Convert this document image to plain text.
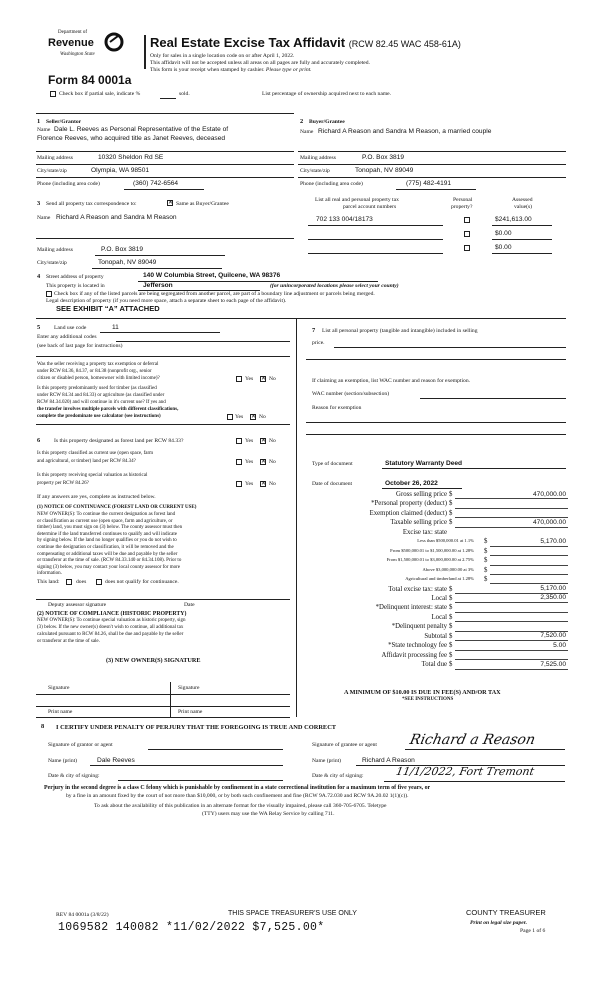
Department of
Revenue
Washington State
Real Estate Excise Tax Affidavit (RCW 82.45 WAC 458-61A)
Only for sales in a single location code on or after April 1, 2022.
This affidavit will not be accepted unless all areas on all pages are fully and accurately completed.
This form is your receipt when stamped by cashier. Please type or print.
Form 84 0001a
Check box if partial sale, indicate %	sold.	List percentage of ownership acquired next to each name.
1 Seller/Grantor
Name Dale L. Reeves as Personal Representative of the Estate of
Florence Reeves, who acquired title as Janet Reeves, deceased
Mailing address	10320 Sheldon Rd SE
City/state/zip	Olympia, WA 98501
Phone (including area code)	(360) 742-6564
2 Buyer/Grantee
Name Richard A Reason and Sandra M Reason, a married couple
Mailing address	P.O. Box 3819
City/state/zip	Tonopah, NV 89049
Phone (including area code)	(775) 482-4191
3 Send all property tax correspondence to:	✕ Same as Buyer/Grantee
Name Richard A Reason and Sandra M Reason
Mailing address	P.O. Box 3819
City/state/zip	Tonopah, NV 89049
List all real and personal property tax
parcel account numbers
Personal
property?
Assessed
value(s)
702 133 004/18173	$241,613.00
$0.00
$0.00
4 Street address of property	140 W Columbia Street, Quilcene, WA 98376
This property is located in	Jefferson	(for unincorporated locations please select your county)
Check box if any of the listed parcels are being segregated from another parcel, are part of a boundary line adjustment or parcels being merged.
Legal description of property (if you need more space, attach a separate sheet to each page of the affidavit).
SEE EXHIBIT “A” ATTACHED
5 Land use code	11
Enter any additional codes
(see back of last page for instructions)
Was the seller receiving a property tax exemption or deferral
under RCW 84.36, 84.37, or 84.38 (nonprofit org., senior
citizen or disabled person, homeowner with limited income)?	Yes ✕ No
Is this property predominantly used for timber (as classified
under RCW 84.34 and 84.33) or agriculture (as classified under
RCW 84.34.020) and will continue in it's current use? If yes and
the transfer involves multiple parcels with different classifications,
complete the predominate use calculator (see instructions)	Yes ✕ No
6 Is this property designated as forest land per RCW 84.33?	Yes ✕ No
Is this property classified as current use (open space, farm
and agricultural, or timber) land per RCW 84.34?	Yes ✕ No
Is this property receiving special valuation as historical
property per RCW 84.26?	Yes ✕ No
If any answers are yes, complete as instructed below.
(1) NOTICE OF CONTINUANCE (FOREST LAND OR CURRENT USE)
NEW OWNER(S): To continue the current designation as forest land
or classification as current use (open space, farm and agriculture, or
timber) land, you must sign on (3) below. The county assessor must then
determine if the land transferred continues to qualify and will indicate
by signing below. If the land no longer qualifies or you do not wish to
continue the designation or classification, it will be removed and the
compensating or additional taxes will be due and payable by the seller
or transferor at the time of sale. (RCW 84.33.140 or 84.34.108). Prior to
signing (3) below, you may contact your local county assessor for more
information.
This land:	does	does not qualify for continuance.
Deputy assessor signature	Date
(2) NOTICE OF COMPLIANCE (HISTORIC PROPERTY)
NEW OWNER(S): To continue special valuation as historic property, sign
(3) below. If the new owner(s) doesn't wish to continue, all additional tax
calculated pursuant to RCW 84.26, shall be due and payable by the seller
or transferor at the time of sale.
(3) NEW OWNER(S) SIGNATURE
Signature	Signature
Print name	Print name
7 List all personal property (tangible and intangible) included in selling
price.
If claiming an exemption, list WAC number and reason for exemption.
WAC number (section/subsection)
Reason for exemption
Type of document	Statutory Warranty Deed
Date of document	October 26, 2022
Gross selling price $	470,000.00
*Personal property (deduct) $
Exemption claimed (deduct) $
Taxable selling price $	470,000.00
Excise tax: state
Less than $500,000.01 at 1.1% $	5,170.00
From $500,000.01 to $1,500,000.00 at 1.28% $
From $1,500,000.01 to $3,000,000.00 at 2.75% $
Above $3,000,000.00 at 3% $
Agricultural and timberland at 1.28% $
Total excise tax: state $	5,170.00
Local $	2,350.00
*Delinquent interest: state $
Local $
*Delinquent penalty $
Subtotal $	7,520.00
*State technology fee $	5.00
Affidavit processing fee $
Total due $	7,525.00
A MINIMUM OF $10.00 IS DUE IN FEE(S) AND/OR TAX
*SEE INSTRUCTIONS
8 I CERTIFY UNDER PENALTY OF PERJURY THAT THE FOREGOING IS TRUE AND CORRECT
Signature of grantor or agent
Name (print)	Dale Reeves
Date & city of signing:
Signature of grantee or agent Richard a Reason
Name (print)	Richard A Reason
Date & city of signing:	11/1/2022, Fort Tremont
Perjury in the second degree is a class C felony which is punishable by confinement in a state correctional institution for a maximum term of five years, or
by a fine in an amount fixed by the court of not more than $10,000, or by both such confinement and fine (RCW 9A.72.030 and RCW 9A.20.02 1(1)(c)).
To ask about the availability of this publication in an alternate format for the visually impaired, please call 360-705-6705. Teletype
(TTY) users may use the WA Relay Service by calling 711.
REV 84 0001a (3/8/22)	THIS SPACE TREASURER'S USE ONLY	COUNTY TREASURER
Print on legal size paper.
Page 1 of 6
1069582 140082 *11/02/2022 $7,525.00*
